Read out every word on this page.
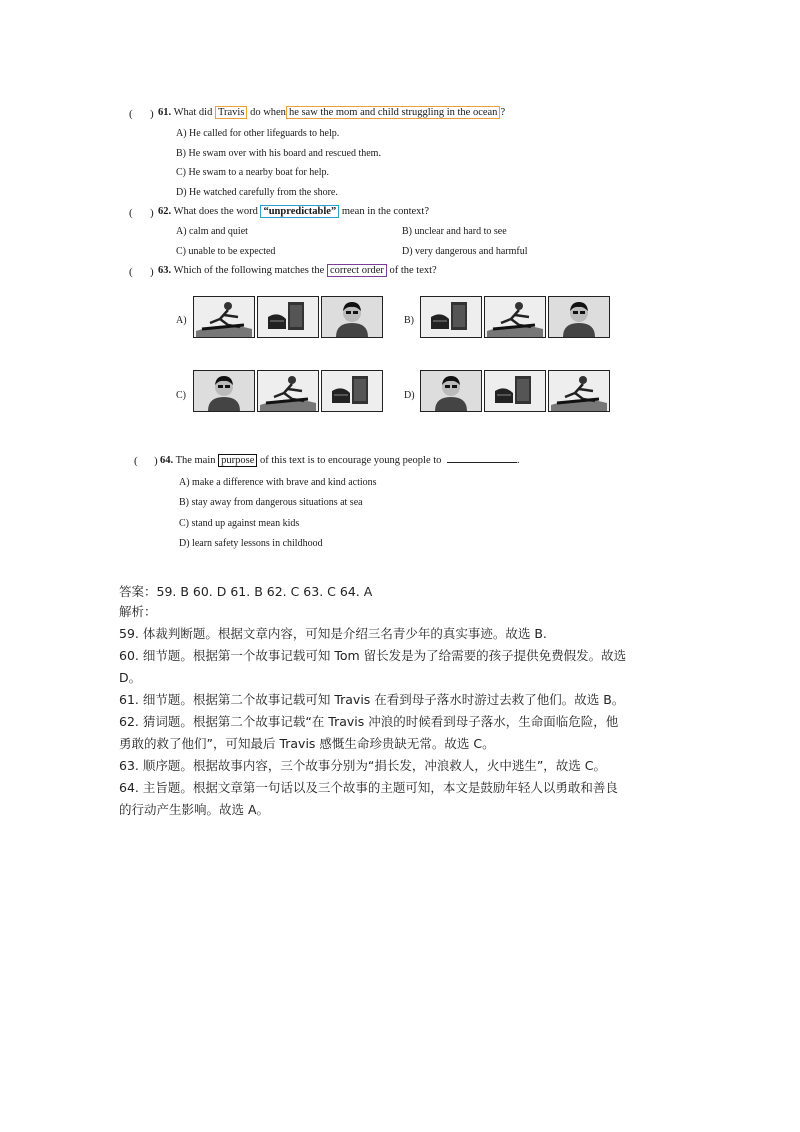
( ) 61. What did Travis do when he saw the mom and child struggling in the ocean ?
A) He called for other lifeguards to help.
B) He swam over with his board and rescued them.
C) He swam to a nearby boat for help.
D) He watched carefully from the shore.
( ) 62. What does the word “unpredictable” mean in the context?
A) calm and quiet	B) unclear and hard to see
C) unable to be expected	D) very dangerous and harmful
( ) 63. Which of the following matches the correct order of the text?
A)	B)
C)	D)
( ) 64. The main purpose of this text is to encourage young people to	.
A) make a difference with brave and kind actions
B) stay away from dangerous situations at sea
C) stand up against mean kids
D) learn safety lessons in childhood
答案：59. B 60. D 61. B 62. C 63. C 64. A
解析：
59. 体裁判断题。根据文章内容，可知是介绍三名青少年的真实事迹。故选 B.
60. 细节题。根据第一个故事记载可知 Tom 留长发是为了给需要的孩子提供免费假发。故选
D。
61. 细节题。根据第二个故事记载可知 Travis 在看到母子落水时游过去救了他们。故选 B。
62. 猜词题。根据第二个故事记载“在 Travis 冲浪的时候看到母子落水，生命面临危险，他
勇敢的救了他们”，可知最后 Travis 感慨生命珍贵缺无常。故选 C。
63. 顺序题。根据故事内容，三个故事分别为“捐长发，冲浪救人，火中逃生”，故选 C。
64. 主旨题。根据文章第一句话以及三个故事的主题可知，本文是鼓励年轻人以勇敢和善良
的行动产生影响。故选 A。
